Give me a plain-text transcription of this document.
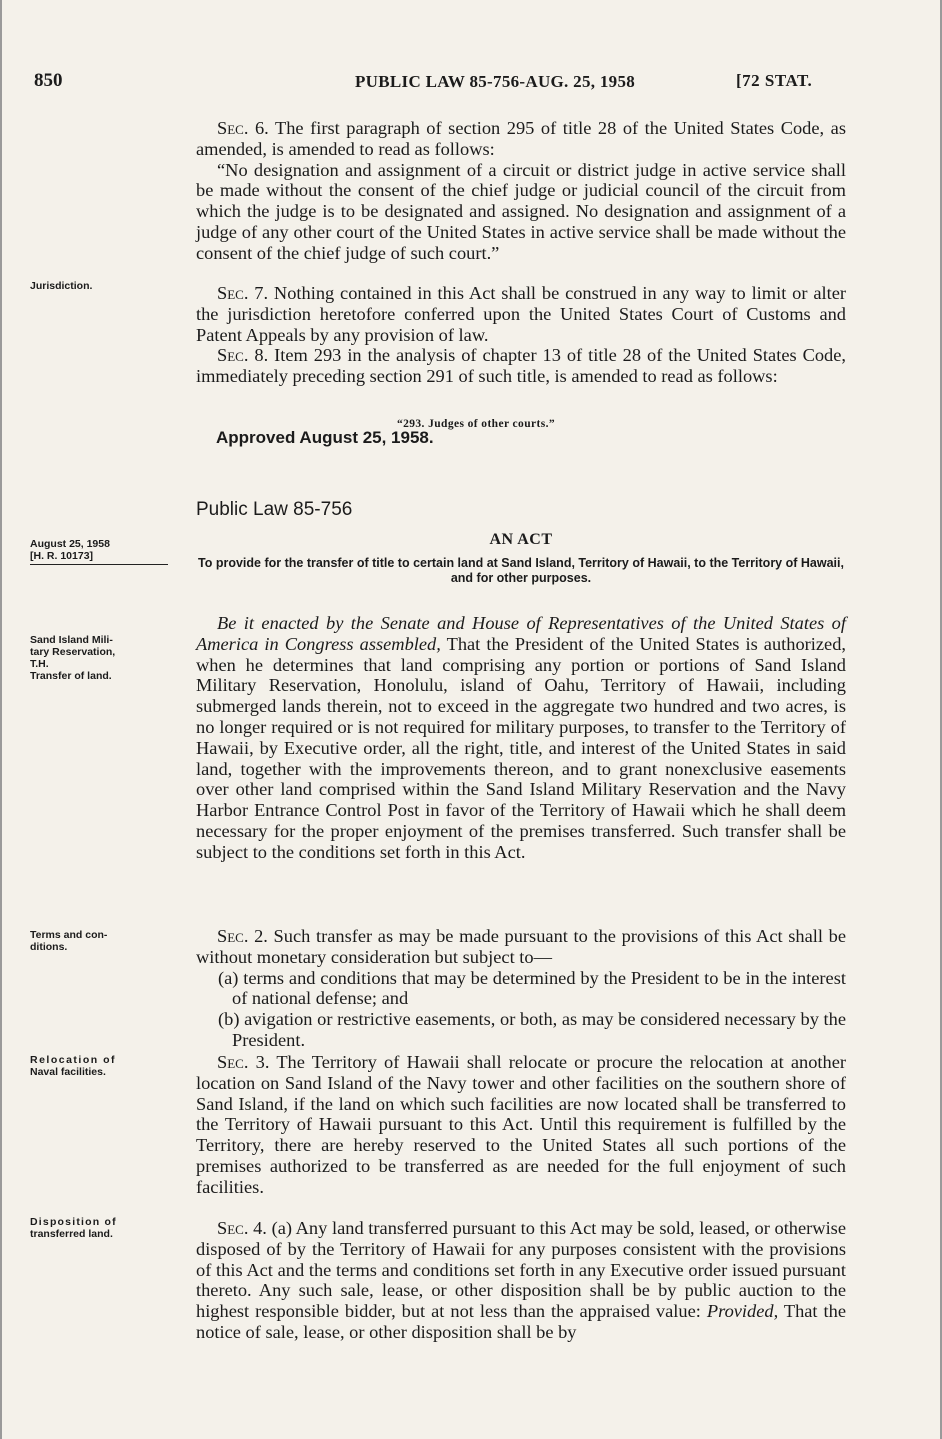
850	PUBLIC LAW 85-756-AUG. 25, 1958	[72 STAT.
Jurisdiction.
August 25, 1958
[H. R. 10173]
Sand Island Mili-
tary Reservation,
T.H.
Transfer of land.
Terms and con-
ditions.
Relocation of
Naval facilities.
Disposition of
transferred land.

Sec. 6. The first paragraph of section 295 of title 28 of the United States Code, as amended, is amended to read as follows:

“No designation and assignment of a circuit or district judge in active service shall be made without the consent of the chief judge or judicial council of the circuit from which the judge is to be designated and assigned. No designation and assignment of a judge of any other court of the United States in active service shall be made without the consent of the chief judge of such court.”

Sec. 7. Nothing contained in this Act shall be construed in any way to limit or alter the jurisdiction heretofore conferred upon the United States Court of Customs and Patent Appeals by any provision of law.

Sec. 8. Item 293 in the analysis of chapter 13 of title 28 of the United States Code, immediately preceding section 291 of such title, is amended to read as follows:

“293. Judges of other courts.”
Approved August 25, 1958.
Public Law 85-756
AN ACT
To provide for the transfer of title to certain land at Sand Island, Territory of Hawaii, to the Territory of Hawaii, and for other purposes.

Be it enacted by the Senate and House of Representatives of the United States of America in Congress assembled, That the President of the United States is authorized, when he determines that land comprising any portion or portions of Sand Island Military Reservation, Honolulu, island of Oahu, Territory of Hawaii, including submerged lands therein, not to exceed in the aggregate two hundred and two acres, is no longer required or is not required for military purposes, to transfer to the Territory of Hawaii, by Executive order, all the right, title, and interest of the United States in said land, together with the improvements thereon, and to grant nonexclusive easements over other land comprised within the Sand Island Military Reservation and the Navy Harbor Entrance Control Post in favor of the Territory of Hawaii which he shall deem necessary for the proper enjoyment of the premises transferred. Such transfer shall be subject to the conditions set forth in this Act.

Sec. 2. Such transfer as may be made pursuant to the provisions of this Act shall be without monetary consideration but subject to—

(a) terms and conditions that may be determined by the President to be in the interest of national defense; and

(b) avigation or restrictive easements, or both, as may be considered necessary by the President.

Sec. 3. The Territory of Hawaii shall relocate or procure the relocation at another location on Sand Island of the Navy tower and other facilities on the southern shore of Sand Island, if the land on which such facilities are now located shall be transferred to the Territory of Hawaii pursuant to this Act. Until this requirement is fulfilled by the Territory, there are hereby reserved to the United States all such portions of the premises authorized to be transferred as are needed for the full enjoyment of such facilities.

Sec. 4. (a) Any land transferred pursuant to this Act may be sold, leased, or otherwise disposed of by the Territory of Hawaii for any purposes consistent with the provisions of this Act and the terms and conditions set forth in any Executive order issued pursuant thereto. Any such sale, lease, or other disposition shall be by public auction to the highest responsible bidder, but at not less than the appraised value: Provided, That the notice of sale, lease, or other disposition shall be by
